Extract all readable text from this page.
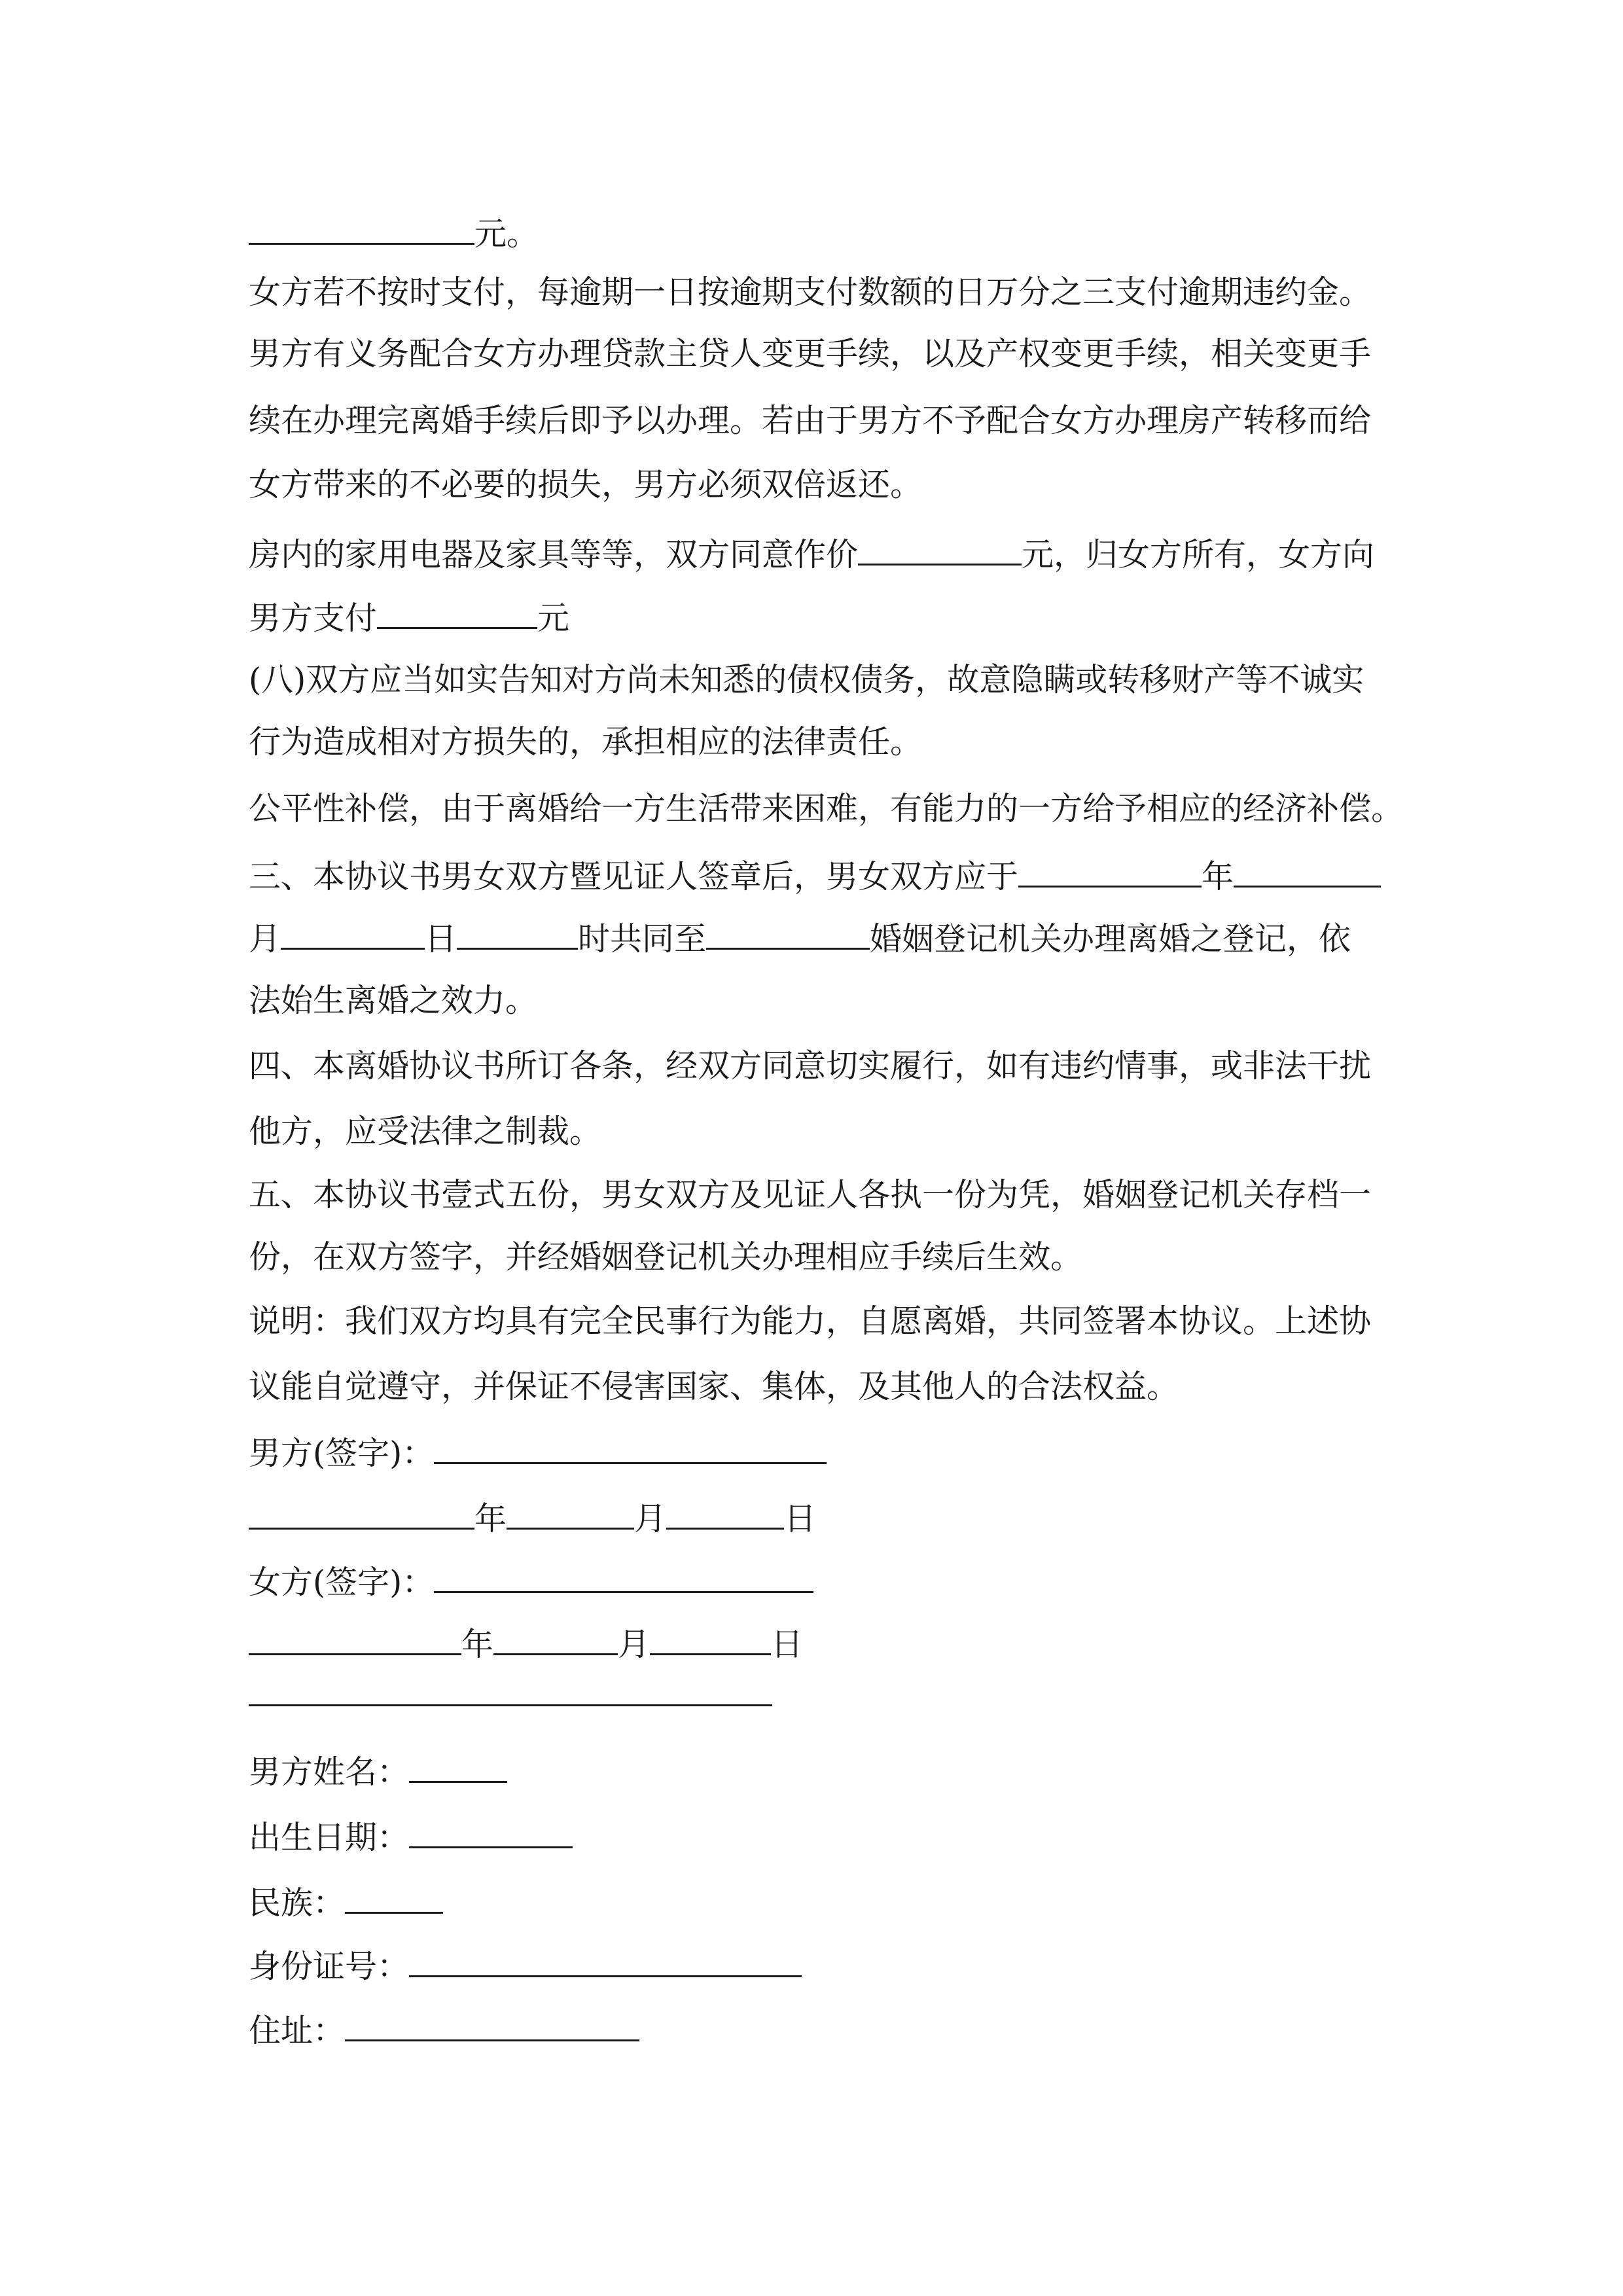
元。

女方若不按时支付，每逾期一日按逾期支付数额的日万分之三支付逾期违约金。

男方有义务配合女方办理贷款主贷人变更手续，以及产权变更手续，相关变更手

续在办理完离婚手续后即予以办理。若由于男方不予配合女方办理房产转移而给

女方带来的不必要的损失，男方必须双倍返还。

房内的家用电器及家具等等，双方同意作价	元，归女方所有，女方向

男方支付	元

(八)双方应当如实告知对方尚未知悉的债权债务，故意隐瞒或转移财产等不诚实

行为造成相对方损失的，承担相应的法律责任。

公平性补偿，由于离婚给一方生活带来困难，有能力的一方给予相应的经济补偿。

三、本协议书男女双方暨见证人签章后，男女双方应于	年

月	日	时共同至	婚姻登记机关办理离婚之登记，依

法始生离婚之效力。

四、本离婚协议书所订各条，经双方同意切实履行，如有违约情事，或非法干扰

他方，应受法律之制裁。

五、本协议书壹式五份，男女双方及见证人各执一份为凭，婚姻登记机关存档一

份，在双方签字，并经婚姻登记机关办理相应手续后生效。

说明：我们双方均具有完全民事行为能力，自愿离婚，共同签署本协议。上述协

议能自觉遵守，并保证不侵害国家、集体，及其他人的合法权益。

男方(签字)：

年	月	日

女方(签字)：

年	月	日

男方姓名：

出生日期：

民族：

身份证号：

住址：
